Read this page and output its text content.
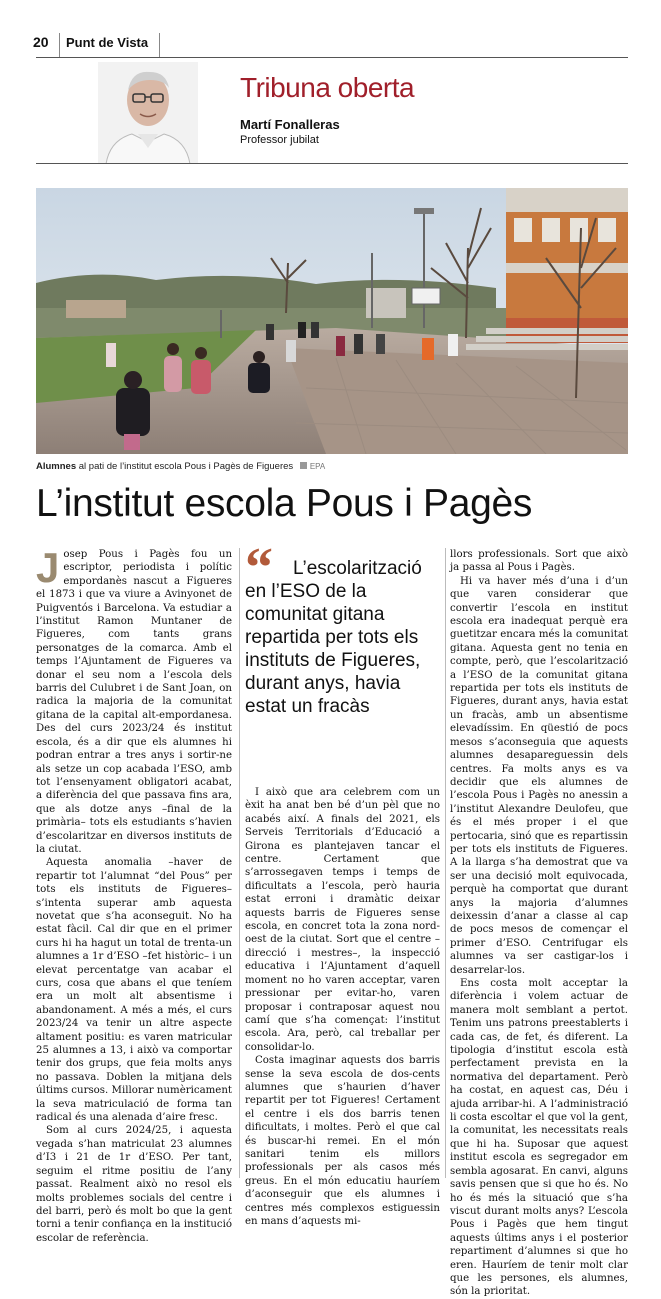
20 Punt de Vista
Tribuna oberta
Martí Fonalleras
Professor jubilat
Alumnes al pati de l’institut escola Pous i Pagès de Figueres EPA
L’institut escola Pous i Pagès

Josep Pous i Pagès fou un escriptor, periodista i polític empordanès nascut a Figueres el 1873 i que va viure a Avinyonet de Puigventós i Barcelona. Va estudiar a l’institut Ramon Muntaner de Figueres, com tants grans personatges de la comarca. Amb el temps l’Ajuntament de Figueres va donar el seu nom a l’escola dels barris del Culubret i de Sant Joan, on radica la majoria de la comunitat gitana de la capital alt-empordanesa. Des del curs 2023/24 és institut escola, és a dir que els alumnes hi podran entrar a tres anys i sortir-ne als setze un cop acabada l’ESO, amb tot l’ensenyament obligatori acabat, a diferència del que passava fins ara, que als dotze anys –final de la primària– tots els estudiants s’havien d’escolaritzar en diversos instituts de la ciutat.

Aquesta anomalia –haver de repartir tot l’alumnat “del Pous” per tots els instituts de Figueres– s’intenta superar amb aquesta novetat que s’ha aconseguit. No ha estat fàcil. Cal dir que en el primer curs hi ha hagut un total de trenta-un alumnes a 1r d’ESO –fet històric– i un elevat percentatge van acabar el curs, cosa que abans el que teníem era un molt alt absentisme i abandonament. A més a més, el curs 2023/24 va tenir un altre aspecte altament positiu: es varen matricular 25 alumnes a 13, i això va comportar tenir dos grups, que feia molts anys no passava. Doblen la mitjana dels últims cursos. Millorar numèricament la seva matriculació de forma tan radical és una alenada d’aire fresc.

Som al curs 2024/25, i aquesta vegada s’han matriculat 23 alumnes d’I3 i 21 de 1r d’ESO. Per tant, seguim el ritme positiu de l’any passat. Realment això no resol els molts problemes socials del centre i del barri, però és molt bo que la gent torni a tenir confiança en la institució escolar de referència.

“	L’escolarització en l’ESO de la comunitat gitana repartida per tots els instituts de Figueres, durant anys, havia estat un fracàs

I això que ara celebrem com un èxit ha anat ben bé d’un pèl que no acabés així. A finals del 2021, els Serveis Territorials d’Educació a Girona es plantejaven tancar el centre. Certament que s’arrossegaven temps i temps de dificultats a l’escola, però hauria estat erroni i dramàtic deixar aquests barris de Figueres sense escola, en concret tota la zona nord-oest de la ciutat. Sort que el centre –direcció i mestres–, la inspecció educativa i l’Ajuntament d’aquell moment no ho varen acceptar, varen pressionar per evitar-ho, varen proposar i contraposar aquest nou camí que s’ha començat: l’institut escola. Ara, però, cal treballar per consolidar-lo.

Costa imaginar aquests dos barris sense la seva escola de dos-cents alumnes que s’haurien d’haver repartit per tot Figueres! Certament el centre i els dos barris tenen dificultats, i moltes. Però el que cal és buscar-hi remei. En el món sanitari tenim els millors professionals per als casos més greus. En el món educatiu hauríem d’aconseguir que els alumnes i centres més complexos estiguessin en mans d’aquests mi-

llors professionals. Sort que això ja passa al Pous i Pagès.

Hi va haver més d’una i d’un que varen considerar que convertir l’escola en institut escola era inadequat perquè era guetitzar encara més la comunitat gitana. Aquesta gent no tenia en compte, però, que l’escolarització a l’ESO de la comunitat gitana repartida per tots els instituts de Figueres, durant anys, havia estat un fracàs, amb un absentisme elevadíssim. En qüestió de pocs mesos s’aconseguia que aquests alumnes desapareguessin dels centres. Fa molts anys es va decidir que els alumnes de l’escola Pous i Pagès no anessin a l’institut Alexandre Deulofeu, que és el més proper i el que pertocaria, sinó que es repartissin per tots els instituts de Figueres. A la llarga s’ha demostrat que va ser una decisió molt equivocada, perquè ha comportat que durant anys la majoria d’alumnes deixessin d’anar a classe al cap de pocs mesos de començar el primer d’ESO. Centrifugar els alumnes va ser castigar-los i desarrelar-los.

Ens costa molt acceptar la diferència i volem actuar de manera molt semblant a pertot. Tenim uns patrons preestablerts i cada cas, de fet, és diferent. La tipologia d’institut escola està perfectament prevista en la normativa del departament. Però ha costat, en aquest cas, Déu i ajuda arribar-hi. A l’administració li costa escoltar el que vol la gent, la comunitat, les necessitats reals que hi ha. Suposar que aquest institut escola es segregador em sembla agosarat. En canvi, alguns savis pensen que si que ho és. No ho és més la situació que s’ha viscut durant molts anys? L’escola Pous i Pagès que hem tingut aquests últims anys i el posterior repartiment d’alumnes si que ho eren. Hauríem de tenir molt clar que les persones, els alumnes, són la prioritat.
